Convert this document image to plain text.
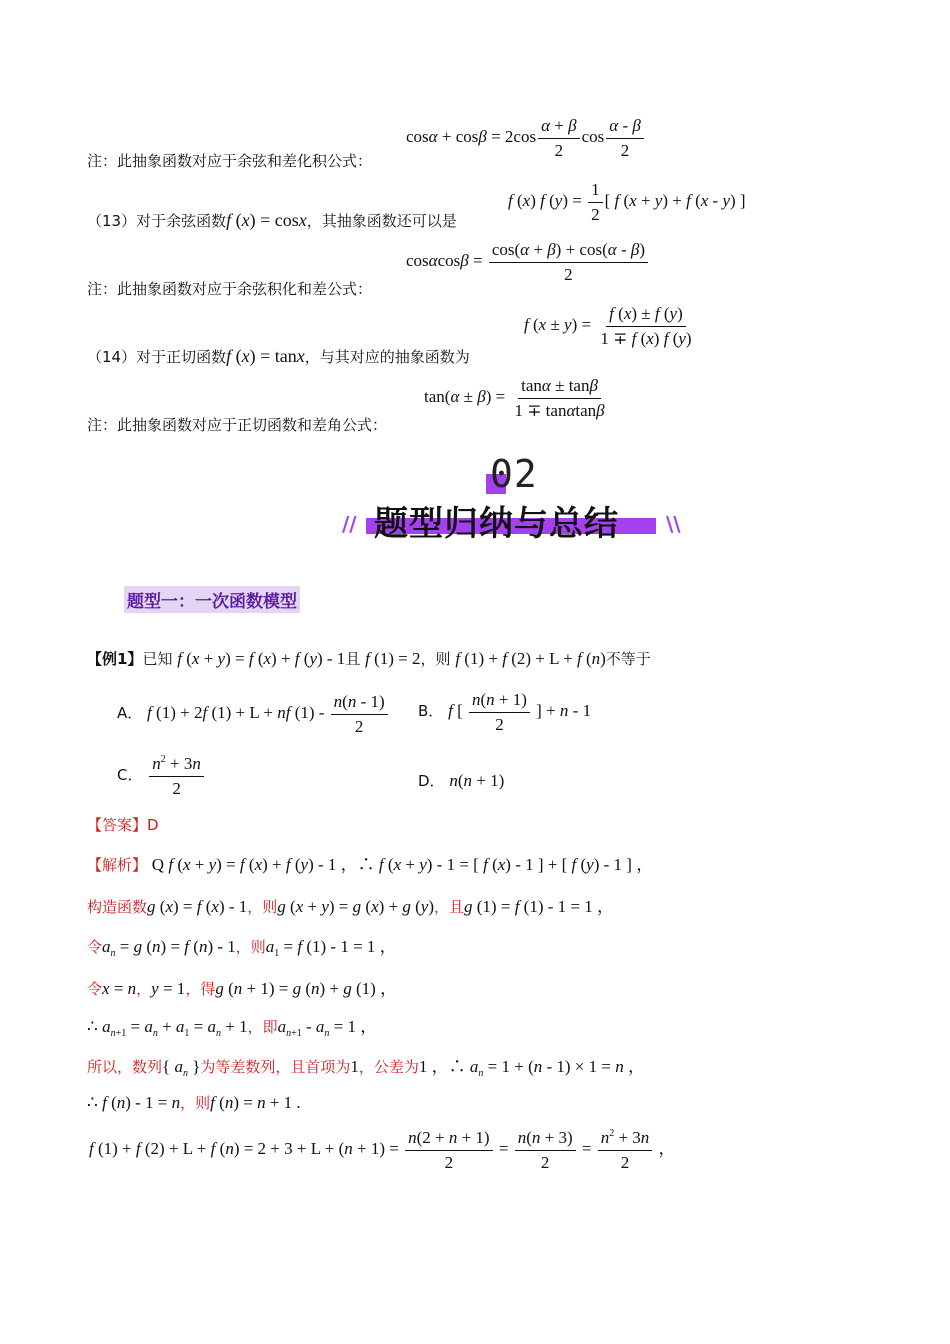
$\cos\alpha + \cos\beta = 2\cos \frac{\alpha + \beta}{2}$ $\cos \frac{\alpha - \beta}{2}$
注：此抽象函数对应于余弦和差化积公式：
（13）对于余弦函数f (x) = cosx，其抽象函数还可以是
f (x) f $(y) = \frac{1}{2}$ [ f (x + y) + f (x - y) ]
$\cos\alpha\cos\beta = \frac{\cos(\alpha + \beta) + \cos(\alpha - \beta)}{2}$
注：此抽象函数对应于余弦积化和差公式：
（14）对于正切函数f (x) = tanx，与其对应的抽象函数为
f $(x \pm y) = \frac{f (x) \pm f (y)}{1 \mp f (x) f (y)}$
$\tan(\alpha \pm \beta) = \frac{\tan\alpha \pm \tan\beta}{1 \mp \tan\alpha\tan\beta}$
注：此抽象函数对应于正切函数和差角公式：
02
题型归纳与总结
//	\\
题型一：一次函数模型
【例1】已知 f (x + y) = f (x) + f (y) - 1且 f (1) = 2，则 f (1) + f (2) + L + f (n)不等于
A． f (1) + 2f (1) + L + nf $(1) - \frac{n(n - 1)}{2}$ B． f [ $\frac{n(n + 1)}{2}$ ] + n - 1
C． $\frac{n^2 + 3n}{2}$	D． n(n + 1)
【答案】D
【解析】 Q f (x + y) = f (x) + f (y) - 1 ，∴ f (x + y) - 1 = [ f (x) - 1 ] + [ f (y) - 1 ] ，
构造函数g (x) = f (x) - 1，则g (x + y) = g (x) + g (y)，且g (1) = f (1) - 1 = 1 ，
令$a_n = g$ (n) = f (n) - 1，则$a_1 = f$ (1) - 1 = 1 ，
令x = n，y = 1，得g (n + 1) = g (n) + g (1) ，
∴ $a_{n+1} = a_n + a_1 = a_n + 1$，即$a_{n+1} - a_n = 1$ ，
所以，数列{ $a_n$ }为等差数列，且首项为1，公差为1 ，∴ $a_n = 1 + (n - 1) \times 1 = n$ ，
∴ f (n) - 1 = n，则f (n) = n + 1 .
f (1) + f (2) + L + f $(n) = 2 + 3 + L + (n + 1) = \frac{n(2 + n + 1)}{2} = \frac{n(n + 3)}{2} = \frac{n^2 + 3n}{2}$ ，
